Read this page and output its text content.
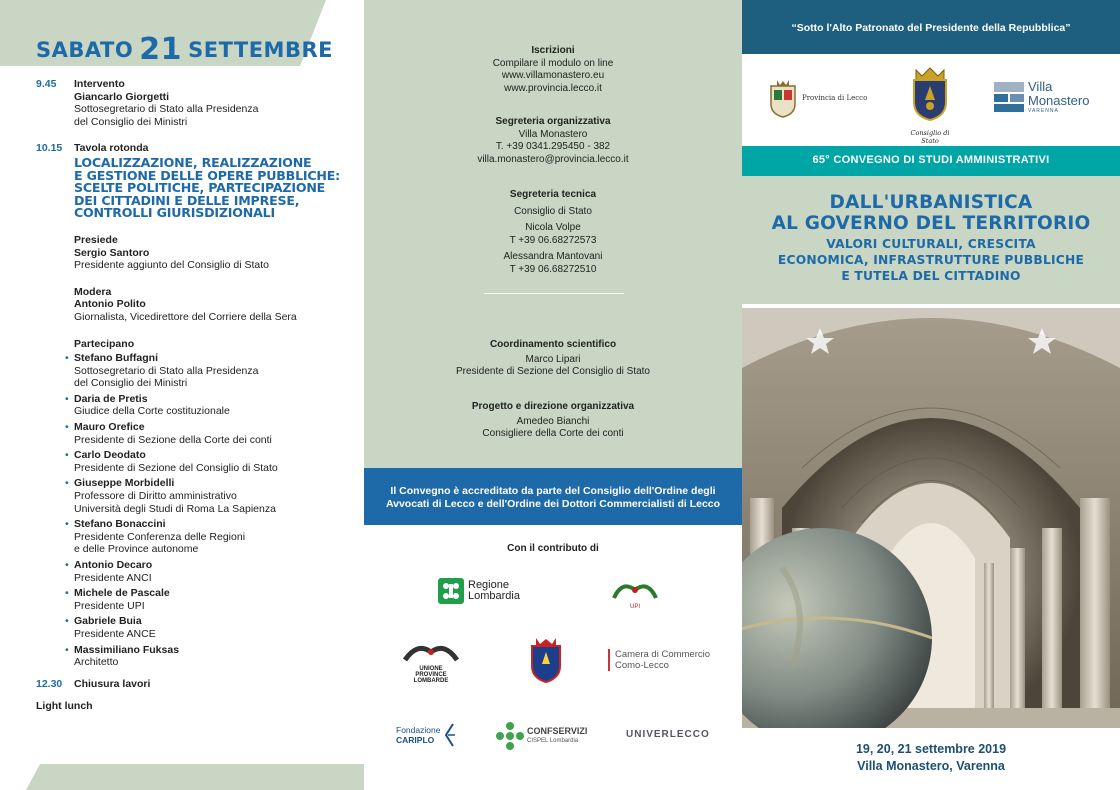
SABATO 21 SETTEMBRE
9.45	Intervento
Giancarlo Giorgetti
Sottosegretario di Stato alla Presidenza
del Consiglio dei Ministri
10.15	Tavola rotonda
LOCALIZZAZIONE, REALIZZAZIONE
E GESTIONE DELLE OPERE PUBBLICHE:
SCELTE POLITICHE, PARTECIPAZIONE
DEI CITTADINI E DELLE IMPRESE,
CONTROLLI GIURISDIZIONALI
Presiede
Sergio Santoro
Presidente aggiunto del Consiglio di Stato
Modera
Antonio Polito
Giornalista, Vicedirettore del Corriere della Sera
Partecipano
• Stefano Buffagni
Sottosegretario di Stato alla Presidenza
del Consiglio dei Ministri
• Daria de Pretis
Giudice della Corte costituzionale
• Mauro Orefice
Presidente di Sezione della Corte dei conti
• Carlo Deodato
Presidente di Sezione del Consiglio di Stato
• Giuseppe Morbidelli
Professore di Diritto amministrativo
Università degli Studi di Roma La Sapienza
• Stefano Bonaccini
Presidente Conferenza delle Regioni
e delle Province autonome
• Antonio Decaro
Presidente ANCI
• Michele de Pascale
Presidente UPI
• Gabriele Buia
Presidente ANCE
• Massimiliano Fuksas
Architetto
12.30	Chiusura lavori
Light lunch
Iscrizioni
Compilare il modulo on line
www.villamonastero.eu
www.provincia.lecco.it
Segreteria organizzativa
Villa Monastero
T. +39 0341.295450 - 382
villa.monastero@provincia.lecco.it
Segreteria tecnica
Consiglio di Stato
Nicola Volpe
T +39 06.68272573
Alessandra Mantovani
T +39 06.68272510
Coordinamento scientifico
Marco Lipari
Presidente di Sezione del Consiglio di Stato
Progetto e direzione organizzativa
Amedeo Bianchi
Consigliere della Corte dei conti
Il Convegno è accreditato da parte del Consiglio dell'Ordine degli
Avvocati di Lecco e dell'Ordine dei Dottori Commercialisti di Lecco
Con il contributo di
Regione
Lombardia
UPI
UNIONE
PROVINCE LOMBARDE
Camera di Commercio
Como-Lecco
Fondazione
CARIPLO
CONFSERVIZI
CISPEL Lombardia
UNIVERLECCO
“Sotto l'Alto Patronato del Presidente della Repubblica”
Provincia di Lecco
Consiglio di Stato
Villa
Monastero
VARENNA
65° CONVEGNO DI STUDI AMMINISTRATIVI
DALL'URBANISTICA
AL GOVERNO DEL TERRITORIO
VALORI CULTURALI, CRESCITA
ECONOMICA, INFRASTRUTTURE PUBBLICHE
E TUTELA DEL CITTADINO
19, 20, 21 settembre 2019
Villa Monastero, Varenna
